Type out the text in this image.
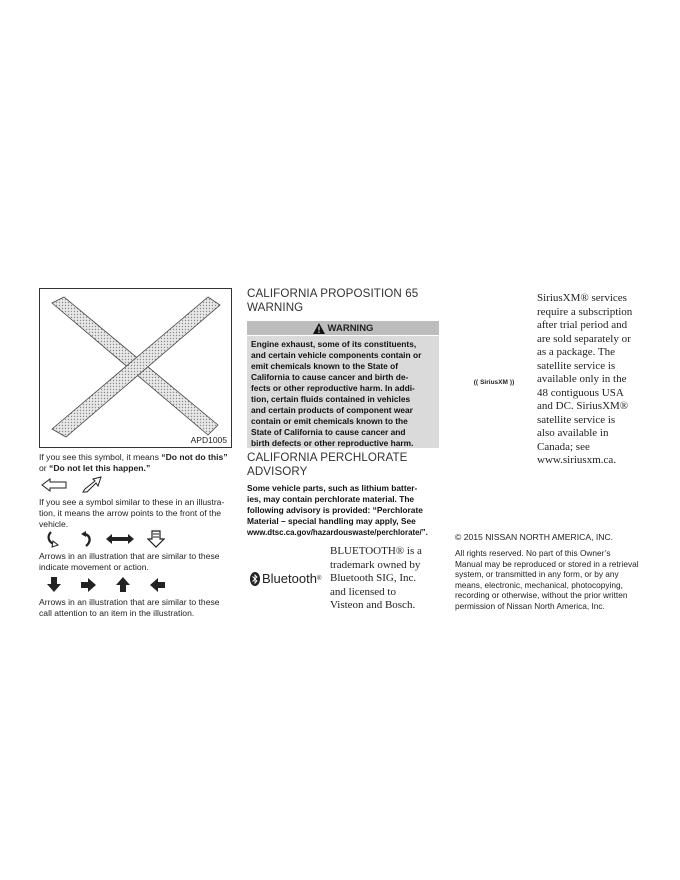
APD1005
If you see this symbol, it means “Do not do this”
or “Do not let this happen.”
If you see a symbol similar to these in an illustra-
tion, it means the arrow points to the front of the
vehicle.
Arrows in an illustration that are similar to these
indicate movement or action.
Arrows in an illustration that are similar to these
call attention to an item in the illustration.
CALIFORNIA PROPOSITION 65
WARNING
WARNING

Engine exhaust, some of its constituents,

and certain vehicle components contain or

emit chemicals known to the State of

California to cause cancer and birth de-

fects or other reproductive harm. In addi-

tion, certain fluids contained in vehicles

and certain products of component wear

contain or emit chemicals known to the

State of California to cause cancer and

birth defects or other reproductive harm.

CALIFORNIA PERCHLORATE
ADVISORY
Some vehicle parts, such as lithium batter-
ies, may contain perchlorate material. The
following advisory is provided: “Perchlorate
Material – special handling may apply, See
www.dtsc.ca.gov/hazardouswaste/perchlorate/”.
Bluetooth ®
BLUETOOTH® is a
trademark owned by
Bluetooth SIG, Inc.
and licensed to
Visteon and Bosch.
(( SiriusXM ))
SiriusXM® services
require a subscription
after trial period and
are sold separately or
as a package. The
satellite service is
available only in the
48 contiguous USA
and DC. SiriusXM®
satellite service is
also available in
Canada; see
www.siriusxm.ca.
© 2015 NISSAN NORTH AMERICA, INC.
All rights reserved. No part of this Owner’s
Manual may be reproduced or stored in a retrieval
system, or transmitted in any form, or by any
means, electronic, mechanical, photocopying,
recording or otherwise, without the prior written
permission of Nissan North America, Inc.
